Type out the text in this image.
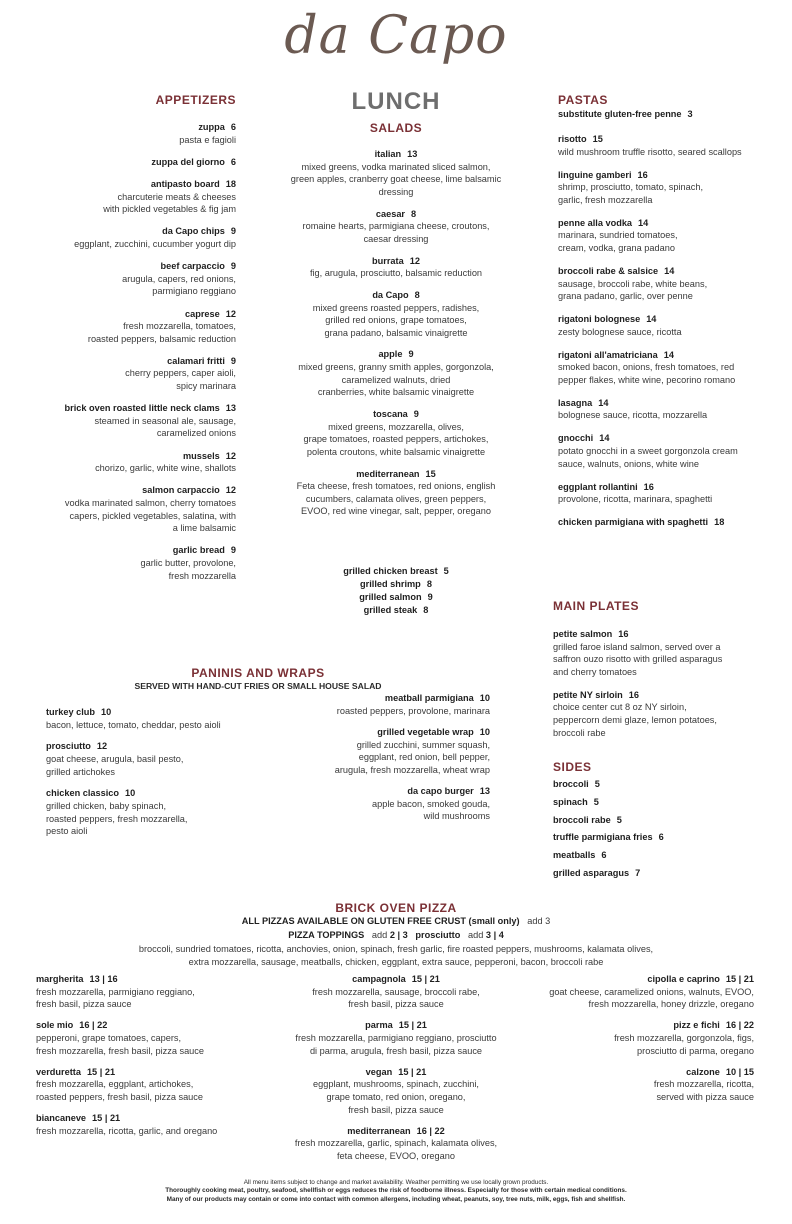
da Capo
LUNCH
APPETIZERS
zuppa 6
pasta e fagioli
zuppa del giorno 6
antipasto board 18
charcuterie meats & cheeses
with pickled vegetables & fig jam
da Capo chips 9
eggplant, zucchini, cucumber yogurt dip
beef carpaccio 9
arugula, capers, red onions,
parmigiano reggiano
caprese 12
fresh mozzarella, tomatoes,
roasted peppers, balsamic reduction
calamari fritti 9
cherry peppers, caper aioli,
spicy marinara
brick oven roasted little neck clams 13
steamed in seasonal ale, sausage,
caramelized onions
mussels 12
chorizo, garlic, white wine, shallots
salmon carpaccio 12
vodka marinated salmon, cherry tomatoes
capers, pickled vegetables, salatina, with
a lime balsamic
garlic bread 9
garlic butter, provolone,
fresh mozzarella
SALADS
italian 13
mixed greens, vodka marinated sliced salmon,
green apples, cranberry goat cheese, lime balsamic
dressing
caesar 8
romaine hearts, parmigiana cheese, croutons,
caesar dressing
burrata 12
fig, arugula, prosciutto, balsamic reduction
da Capo 8
mixed greens roasted peppers, radishes,
grilled red onions, grape tomatoes,
grana padano, balsamic vinaigrette
apple 9
mixed greens, granny smith apples, gorgonzola,
caramelized walnuts, dried
cranberries, white balsamic vinaigrette
toscana 9
mixed greens, mozzarella, olives,
grape tomatoes, roasted peppers, artichokes,
polenta croutons, white balsamic vinaigrette
mediterranean 15
Feta cheese, fresh tomatoes, red onions, english
cucumbers, calamata olives, green peppers,
EVOO, red wine vinegar, salt, pepper, oregano
grilled chicken breast 5
grilled shrimp 8
grilled salmon 9
grilled steak 8
PASTAS
substitute gluten-free penne 3
risotto 15
wild mushroom truffle risotto, seared scallops
linguine gamberi 16
shrimp, prosciutto, tomato, spinach,
garlic, fresh mozzarella
penne alla vodka 14
marinara, sundried tomatoes,
cream, vodka, grana padano
broccoli rabe & salsice 14
sausage, broccoli rabe, white beans,
grana padano, garlic, over penne
rigatoni bolognese 14
zesty bolognese sauce, ricotta
rigatoni all'amatriciana 14
smoked bacon, onions, fresh tomatoes, red
pepper flakes, white wine, pecorino romano
lasagna 14
bolognese sauce, ricotta, mozzarella
gnocchi 14
potato gnocchi in a sweet gorgonzola cream
sauce, walnuts, onions, white wine
eggplant rollantini 16
provolone, ricotta, marinara, spaghetti
chicken parmigiana with spaghetti 18
MAIN PLATES
petite salmon 16
grilled faroe island salmon, served over a
saffron ouzo risotto with grilled asparagus
and cherry tomatoes
petite NY sirloin 16
choice center cut 8 oz NY sirloin,
peppercorn demi glaze, lemon potatoes,
broccoli rabe
SIDES
broccoli 5
spinach 5
broccoli rabe 5
truffle parmigiana fries 6
meatballs 6
grilled asparagus 7
PANINIS AND WRAPS
SERVED WITH HAND-CUT FRIES OR SMALL HOUSE SALAD
turkey club 10
bacon, lettuce, tomato, cheddar, pesto aioli
prosciutto 12
goat cheese, arugula, basil pesto,
grilled artichokes
chicken classico 10
grilled chicken, baby spinach,
roasted peppers, fresh mozzarella,
pesto aioli
meatball parmigiana 10
roasted peppers, provolone, marinara
grilled vegetable wrap 10
grilled zucchini, summer squash,
eggplant, red onion, bell pepper,
arugula, fresh mozzarella, wheat wrap
da capo burger 13
apple bacon, smoked gouda,
wild mushrooms
BRICK OVEN PIZZA
ALL PIZZAS AVAILABLE ON GLUTEN FREE CRUST (small only) add 3
PIZZA TOPPINGS add 2 | 3 prosciutto add 3 | 4
broccoli, sundried tomatoes, ricotta, anchovies, onion, spinach, fresh garlic, fire roasted peppers, mushrooms, kalamata olives,
extra mozzarella, sausage, meatballs, chicken, eggplant, extra sauce, pepperoni, bacon, broccoli rabe
margherita 13 | 16
fresh mozzarella, parmigiano reggiano,
fresh basil, pizza sauce
sole mio 16 | 22
pepperoni, grape tomatoes, capers,
fresh mozzarella, fresh basil, pizza sauce
verduretta 15 | 21
fresh mozzarella, eggplant, artichokes,
roasted peppers, fresh basil, pizza sauce
biancaneve 15 | 21
fresh mozzarella, ricotta, garlic, and oregano
campagnola 15 | 21
fresh mozzarella, sausage, broccoli rabe,
fresh basil, pizza sauce
parma 15 | 21
fresh mozzarella, parmigiano reggiano, prosciutto
di parma, arugula, fresh basil, pizza sauce
vegan 15 | 21
eggplant, mushrooms, spinach, zucchini,
grape tomato, red onion, oregano,
fresh basil, pizza sauce
mediterranean 16 | 22
fresh mozzarella, garlic, spinach, kalamata olives,
feta cheese, EVOO, oregano
cipolla e caprino 15 | 21
goat cheese, caramelized onions, walnuts, EVOO,
fresh mozzarella, honey drizzle, oregano
pizz e fichi 16 | 22
fresh mozzarella, gorgonzola, figs,
prosciutto di parma, oregano
calzone 10 | 15
fresh mozzarella, ricotta,
served with pizza sauce
All menu items subject to change and market availability. Weather permitting we use locally grown products.
Thoroughly cooking meat, poultry, seafood, shellfish or eggs reduces the risk of foodborne illness. Especially for those with certain medical conditions.
Many of our products may contain or come into contact with common allergens, including wheat, peanuts, soy, tree nuts, milk, eggs, fish and shellfish.
